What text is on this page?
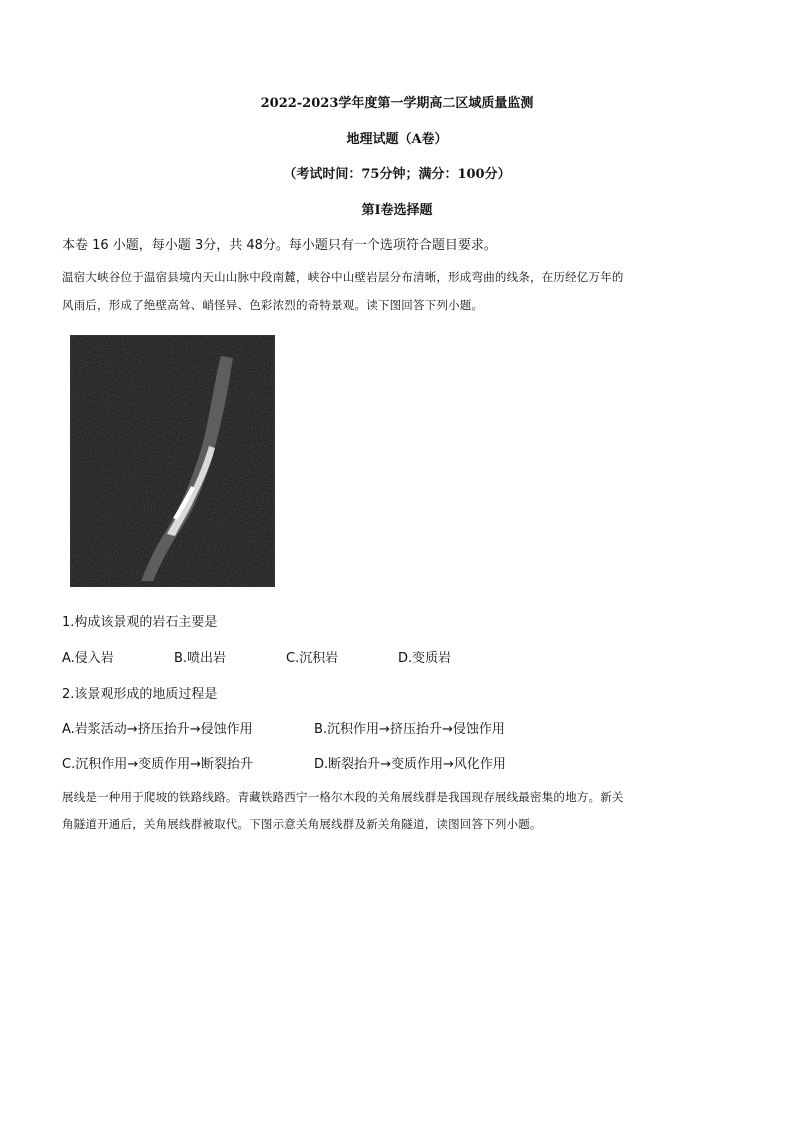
2022-2023学年度第一学期高二区域质量监测
地理试题（A卷）
（考试时间：75分钟；满分：100分）
第Ⅰ卷选择题
本卷 16 小题，每小题 3分，共 48分。每小题只有一个选项符合题目要求。
温宿大峡谷位于温宿县境内天山山脉中段南麓，峡谷中山壁岩层分布清晰，形成弯曲的线条，在历经亿万年的
风雨后，形成了绝壁高耸、峭怪异、色彩浓烈的奇特景观。读下图回答下列小题。
1.构成该景观的岩石主要是
A.侵入岩	B.喷出岩	C.沉积岩	D.变质岩
2.该景观形成的地质过程是
A.岩浆活动→挤压抬升→侵蚀作用	B.沉积作用→挤压抬升→侵蚀作用
C.沉积作用→变质作用→断裂抬升	D.断裂抬升→变质作用→风化作用
展线是一种用于爬坡的铁路线路。青藏铁路西宁一格尔木段的关角展线群是我国现存展线最密集的地方。新关
角隧道开通后，关角展线群被取代。下图示意关角展线群及新关角隧道，读图回答下列小题。
